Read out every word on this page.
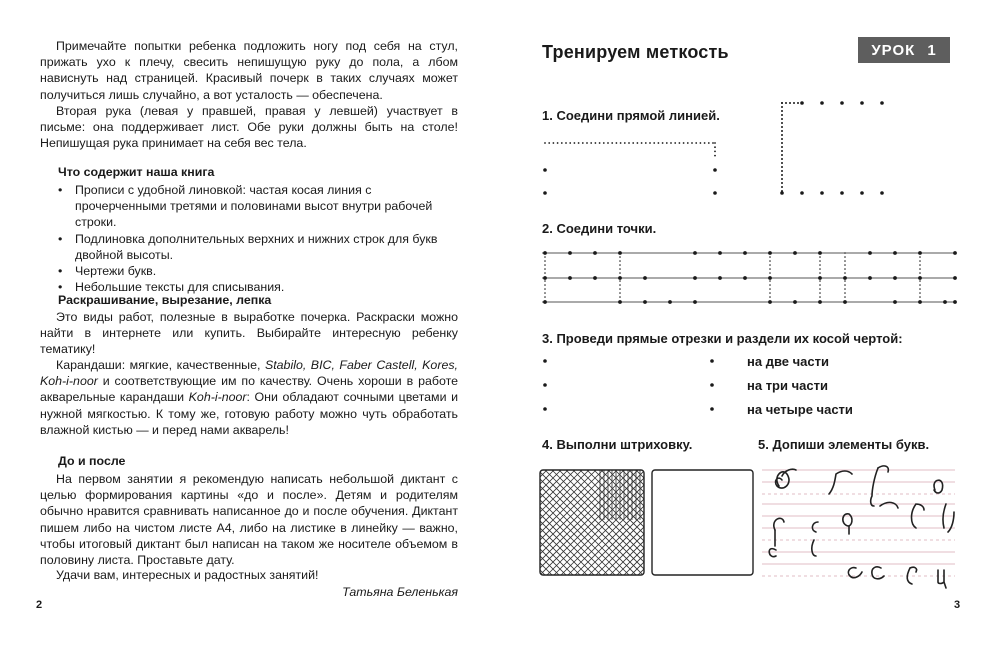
Примечайте попытки ребенка подложить ногу под себя на стул, прижать ухо к плечу, свесить непишущую руку до пола, а лбом нависнуть над страницей. Красивый почерк в таких случаях может получиться лишь случайно, а вот усталость — обеспечена.

Вторая рука (левая у правшей, правая у левшей) участвует в письме: она поддерживает лист. Обе руки должны быть на столе! Непишущая рука принимает на себя вес тела.

Что содержит наша книга

• Прописи с удобной линовкой: частая косая линия с прочерченными третями и половинами высот внутри рабочей строки.
• Подлиновка дополнительных верхних и нижних строк для букв двойной высоты.
• Чертежи букв.
• Небольшие тексты для списывания.

Раскрашивание, вырезание, лепка

Это виды работ, полезные в выработке почерка. Раскраски можно найти в интернете или купить. Выбирайте интересную ребенку тематику!

Карандаши: мягкие, качественные, Stabilo, BIC, Faber Castell, Kores, Koh-i-noor и соответствующие им по качеству. Очень хороши в работе акварельные карандаши Koh-i-noor: Они обладают сочными цветами и нужной мягкостью. К тому же, готовую работу можно чуть обработать влажной кистью — и перед нами акварель!

До и после

На первом занятии я рекомендую написать небольшой диктант с целью формирования картины «до и после». Детям и родителям обычно нравится сравнивать написанное до и после обучения. Диктант пишем либо на чистом листе А4, либо на листике в линейку — важно, чтобы итоговый диктант был написан на таком же носителе объемом в половину листа. Проставьте дату.

Удачи вам, интересных и радостных занятий!

Татьяна Беленькая
2
Тренируем меткость	УРОК 1
1. Соедини прямой линией.
2. Соедини точки.
3. Проведи прямые отрезки и раздели их косой чертой:
на две части
на три части
на четыре части
4. Выполни штриховку.	5. Допиши элементы букв.
3
